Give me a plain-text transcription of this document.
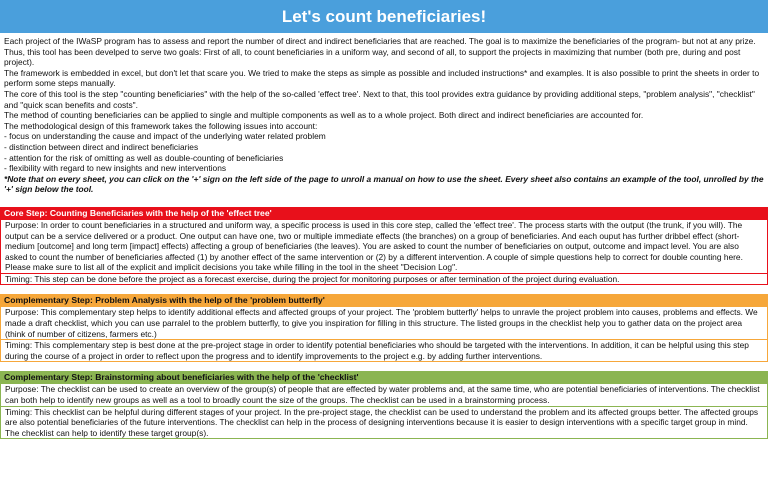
Let's count beneficiaries!

Each project of the IWaSP program has to assess and report the number of direct and indirect beneficiaries that are reached. The goal is to maximize the beneficiaries of the program- but not at any prize. Thus, this tool has been develped to serve two goals: First of all, to count beneficiaries in a uniform way, and second of all, to support the projects in maximizing that number (both pre, during and post project).

The framework is embedded in excel, but don't let that scare you. We tried to make the steps as simple as possible and included instructions* and examples. It is also possible to print the sheets in order to perform some steps manually.

The core of this tool is the step "counting beneficiaries" with the help of the so-called 'effect tree'. Next to that, this tool provides extra guidance by providing additional steps, "problem analysis", "checklist" and "quick scan benefits and costs".

The method of counting beneficiaries can be applied to single and multiple components as well as to a whole project. Both direct and indirect beneficiaries are accounted for.

The methodological design of this framework takes the following issues into account:

- focus on understanding the cause and impact of the underlying water related problem

- distinction between direct and indirect beneficiaries

- attention for the risk of omitting as well as double-counting of beneficiaries

- flexibility with regard to new insights and new interventions

*Note that on every sheet, you can click on the '+' sign on the left side of the page to unroll a manual on how to use the sheet. Every sheet also contains an example of the tool, unrolled by the '+' sign below the tool.

Core Step: Counting Beneficiaries with the help of the 'effect tree'

Purpose: In order to count beneficiaries in a structured and uniform way, a specific process is used in this core step, called the 'effect tree'. The process starts with the output (the trunk, if you will). The output can be a service delivered or a product. One output can have one, two or multiple immediate effects (the branches) on a group of beneficiaries. And each ouput has further dribbel effect (short-medium [outcome] and long term [impact] effects) affecting a group of beneficiaries (the leaves). You are asked to count the number of beneficiaries on output, outcome and impact level. You are also asked to count the number of beneficiaries affected (1) by another effect of the same intervention or (2) by a different intervention. A couple of simple questions help to correct for double counting here.

Please make sure to list all of the explicit and implicit decisions you take while filling in the tool in the sheet "Decision Log".

Timing: This step can be done before the project as a forecast exercise, during the project for monitoring purposes or after termination of the project during evaluation.

Complementary Step: Problem Analysis with the help of the 'problem butterfly'

Purpose: This complementary step helps to identify additional effects and affected groups of your project. The 'problem butterfly' helps to unravle the project problem into causes, problems and effects. We made a draft checklist, which you can use parralel to the problem butterfly, to give you inspiration for filling in this structure. The listed groups in the checklist help you to gather data on the project area (think of number of citizens, farmers etc.)

Timing: This complementary step is best done at the pre-project stage in order to identify potential beneficiaries who should be targeted with the interventions. In addition, it can be helpful using this step during the course of a project in order to reflect upon the progress and to identify improvements to the project e.g. by adding further interventions.

Complementary Step: Brainstorming about beneficiaries with the help of the 'checklist'

Purpose: The checklist can be used to create an overview of the group(s) of people that are effected by water problems and, at the same time, who are potential beneficiaries of interventions. The checklist can both help to identify new groups as well as a tool to broadly count the size of the groups. The checklist can be used in a brainstorming process.

Timing: This checklist can be helpful during different stages of your project. In the pre-project stage, the checklist can be used to understand the problem and its affected groups better. The affected groups are also potential beneficiaries of the future interventions. The checklist can help in the process of designing interventions because it is easier to design interventions with a specific target group in mind. The checklist can help to identify these target group(s).
